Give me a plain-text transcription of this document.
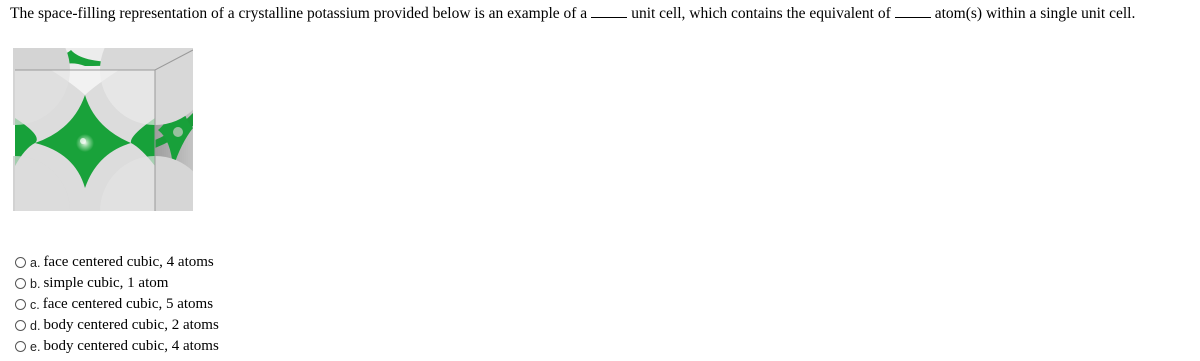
The space-filling representation of a crystalline potassium provided below is an example of a	unit cell, which contains the equivalent of	atom(s) within a single unit cell.
a. face centered cubic, 4 atoms
b. simple cubic, 1 atom
c. face centered cubic, 5 atoms
d. body centered cubic, 2 atoms
e. body centered cubic, 4 atoms
